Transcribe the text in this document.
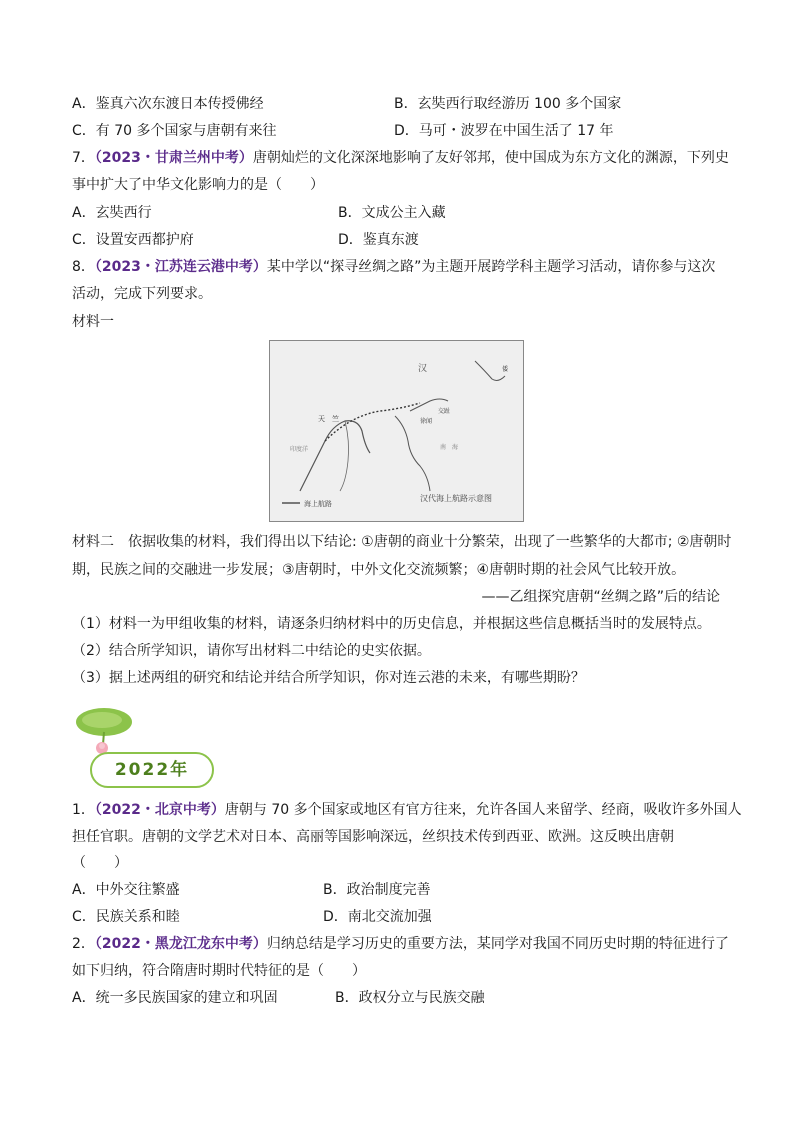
A．鉴真六次东渡日本传授佛经	B．玄奘西行取经游历 100 多个国家
C．有 70 多个国家与唐朝有来往	D．马可・波罗在中国生活了 17 年
7．（2023・甘肃兰州中考）唐朝灿烂的文化深深地影响了友好邻邦，使中国成为东方文化的渊源，下列史
事中扩大了中华文化影响力的是（　　）
A．玄奘西行	B．文成公主入藏
C．设置安西都护府	D．鉴真东渡
8．（2023・江苏连云港中考）某中学以“探寻丝绸之路”为主题开展跨学科主题学习活动，请你参与这次
活动，完成下列要求。
材料一
海上航路
汉代海上航路示意图
天　竺
汉	倭
交趾
徐闻
南　海
印度洋
材料二　依据收集的材料，我们得出以下结论: ①唐朝的商业十分繁荣，出现了一些繁华的大都市; ②唐朝时
期，民族之间的交融进一步发展；③唐朝时，中外文化交流频繁；④唐朝时期的社会风气比较开放。
——乙组探究唐朝“丝绸之路”后的结论
（1）材料一为甲组收集的材料，请逐条归纳材料中的历史信息，并根据这些信息概括当时的发展特点。
（2）结合所学知识，请你写出材料二中结论的史实依据。
（3）据上述两组的研究和结论并结合所学知识，你对连云港的未来，有哪些期盼？
2022年
1．（2022・北京中考）唐朝与 70 多个国家或地区有官方往来，允许各国人来留学、经商，吸收许多外国人
担任官职。唐朝的文学艺术对日本、高丽等国影响深远，丝织技术传到西亚、欧洲。这反映出唐朝
（　　）
A．中外交往繁盛	B．政治制度完善
C．民族关系和睦	D．南北交流加强
2．（2022・黑龙江龙东中考）归纳总结是学习历史的重要方法，某同学对我国不同历史时期的特征进行了
如下归纳，符合隋唐时期时代特征的是（　　）
A．统一多民族国家的建立和巩固	B．政权分立与民族交融
